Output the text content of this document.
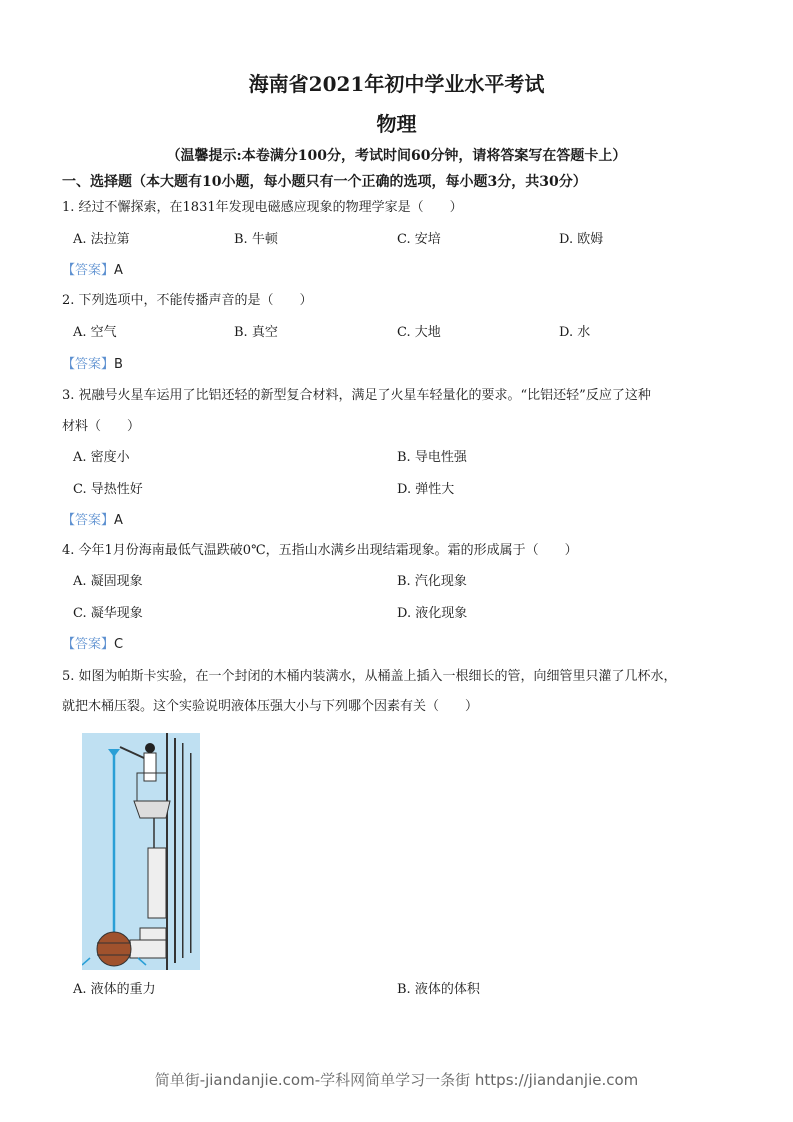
海南省2021年初中学业水平考试
物理
（温馨提示:本卷满分100分，考试时间60分钟，请将答案写在答题卡上）
一、选择题（本大题有10小题，每小题只有一个正确的选项，每小题3分，共30分）
1. 经过不懈探索，在1831年发现电磁感应现象的物理学家是（　　）
A. 法拉第	B. 牛顿	C. 安培	D. 欧姆
【答案】A
2. 下列选项中，不能传播声音的是（　　）
A. 空气	B. 真空	C. 大地	D. 水
【答案】B
3. 祝融号火星车运用了比铝还轻的新型复合材料，满足了火星车轻量化的要求。“比铝还轻”反应了这种
材料（　　）
A. 密度小	B. 导电性强
C. 导热性好	D. 弹性大
【答案】A
4. 今年1月份海南最低气温跌破0℃，五指山水满乡出现结霜现象。霜的形成属于（　　）
A. 凝固现象	B. 汽化现象
C. 凝华现象	D. 液化现象
【答案】C
5. 如图为帕斯卡实验，在一个封闭的木桶内装满水，从桶盖上插入一根细长的管，向细管里只灌了几杯水，
就把木桶压裂。这个实验说明液体压强大小与下列哪个因素有关（　　）
A. 液体的重力	B. 液体的体积
简单街-jiandanjie.com-学科网简单学习一条街 https://jiandanjie.com
